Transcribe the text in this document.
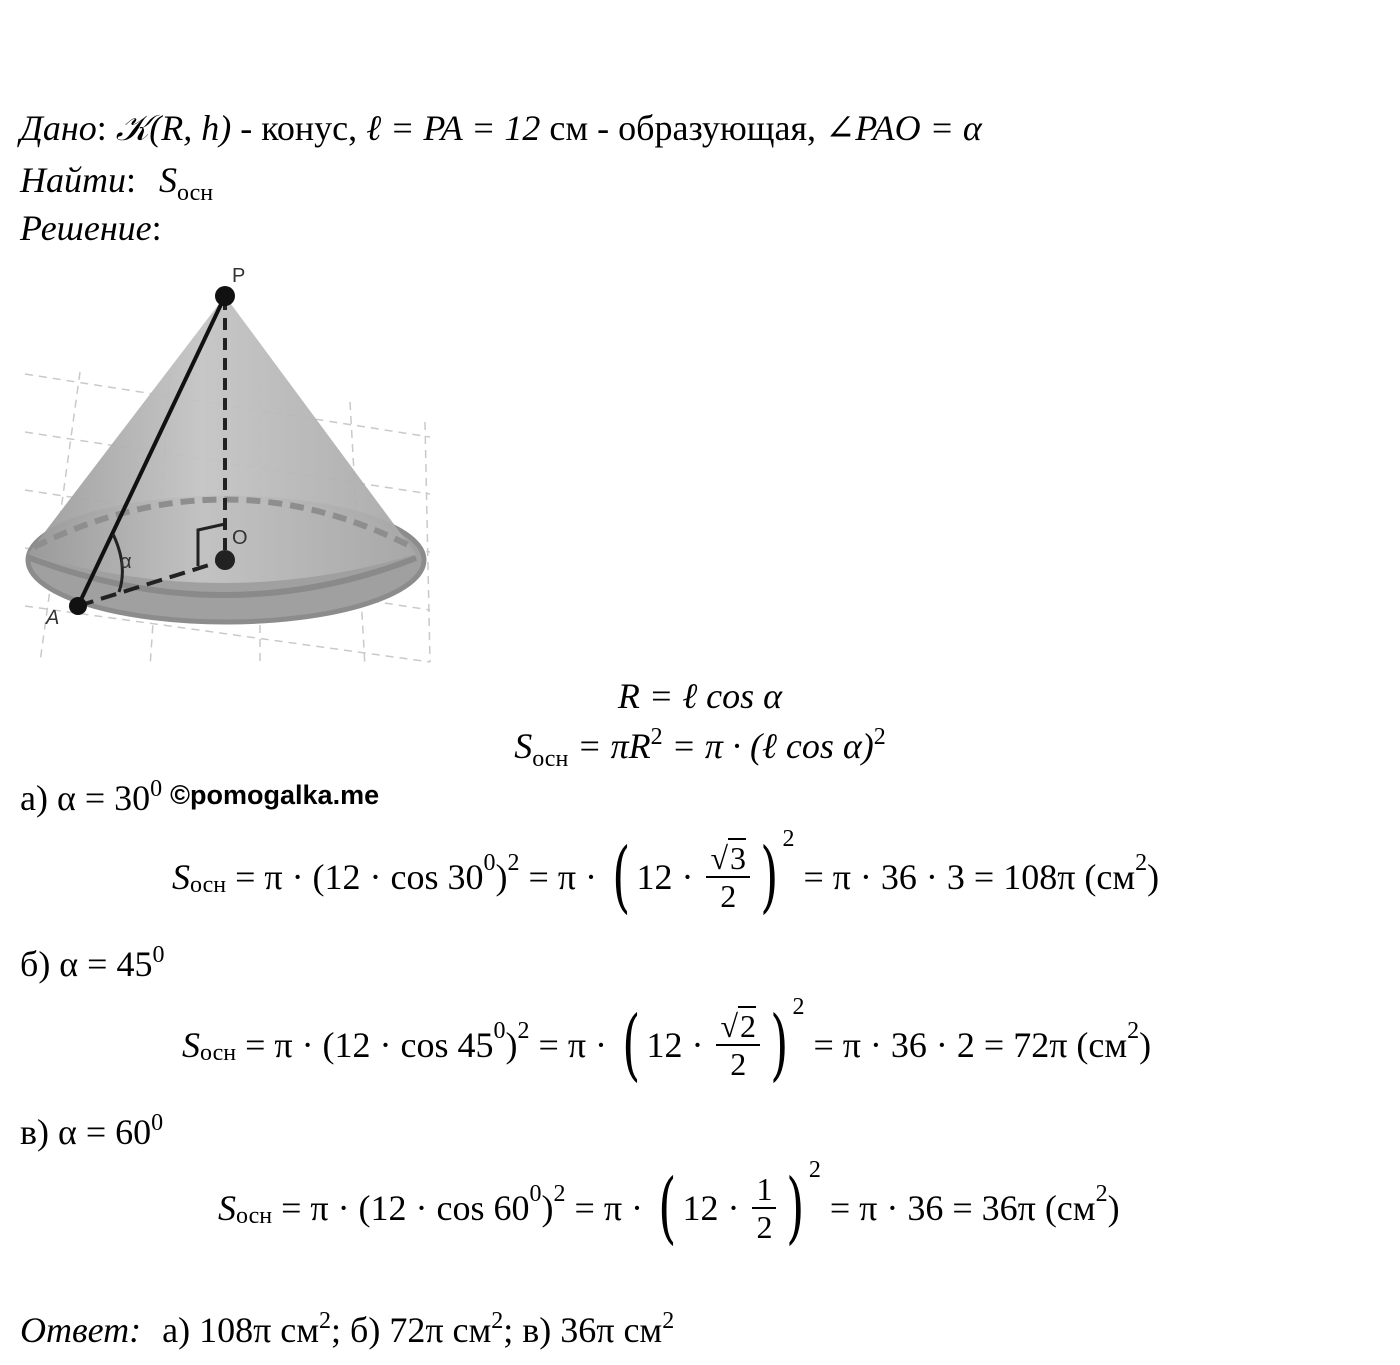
Дано: 𝒦(R, h) - конус, ℓ = PA = 12 см - образующая, ∠PAO = α
Найти: $S_{осн}$
Решение:
P
O
A
α
R = ℓ cos α
$S_{осн} = \pi R^2 = \pi$ · (ℓ cos α)$^2$
а) $\alpha = 30^0$ ©pomogalka.me
S осн = π · (12 · cos 30 0 ) 2 = π · ( $12 \cdot \frac{√3}{2}$ ) 2
= π · 36 · 3 = 108π (см 2 )
б) $\alpha = 45^0$
S осн = π · (12 · cos 45 0 ) 2 = π · ( $12 \cdot \frac{√2}{2}$ ) 2
= π · 36 · 2 = 72π (см 2 )
в) $\alpha = 60^0$
S осн = π · (12 · cos 60 0 ) 2 = π · ( $12 \cdot \frac{1}{2}$ ) 2
= π · 36 = 36π (см 2 )
Ответ: а) 108π $см^2$; б) 72π $см^2$; в) 36π $см^2$
